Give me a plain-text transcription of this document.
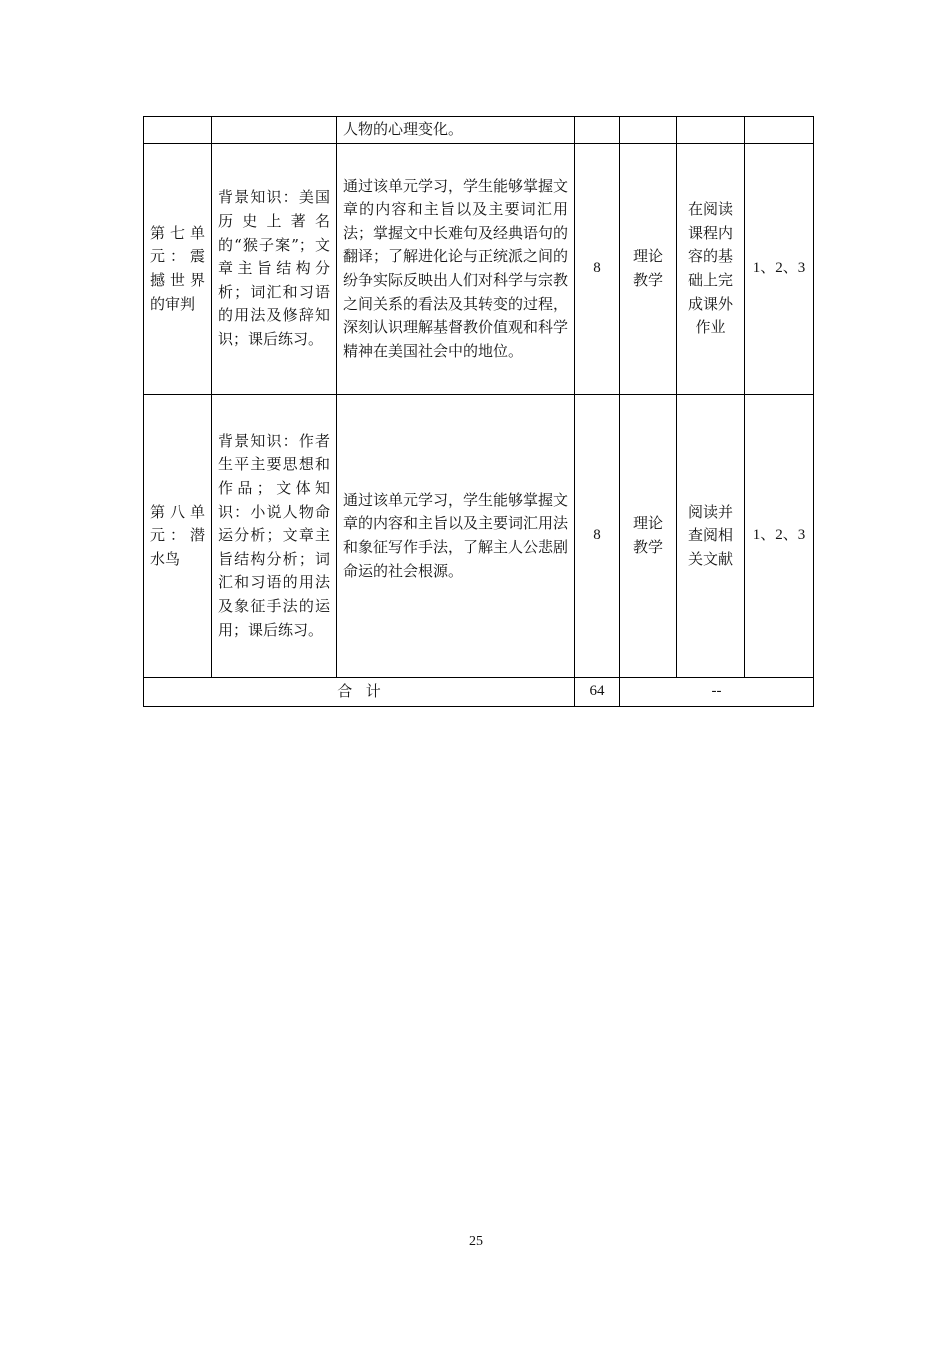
		人物的心理变化。				
第七单元：震撼世界的审判	背景知识：美国历史上著名的“猴子案”；文章主旨结构分析；词汇和习语的用法及修辞知识；课后练习。	通过该单元学习，学生能够掌握文章的内容和主旨以及主要词汇用法；掌握文中长难句及经典语句的翻译；了解进化论与正统派之间的纷争实际反映出人们对科学与宗教之间关系的看法及其转变的过程，深刻认识理解基督教价值观和科学精神在美国社会中的地位。	8	理论教学	在阅读课程内容的基础上完成课外作业	1、2、3
第八单元：潜水鸟	背景知识：作者生平主要思想和作品；文体知识：小说人物命运分析；文章主旨结构分析；词汇和习语的用法及象征手法的运用；课后练习。	通过该单元学习，学生能够掌握文章的内容和主旨以及主要词汇用法和象征写作手法，了解主人公悲剧命运的社会根源。	8	理论教学	阅读并查阅相关文献	1、2、3
合计			64	--		
25
